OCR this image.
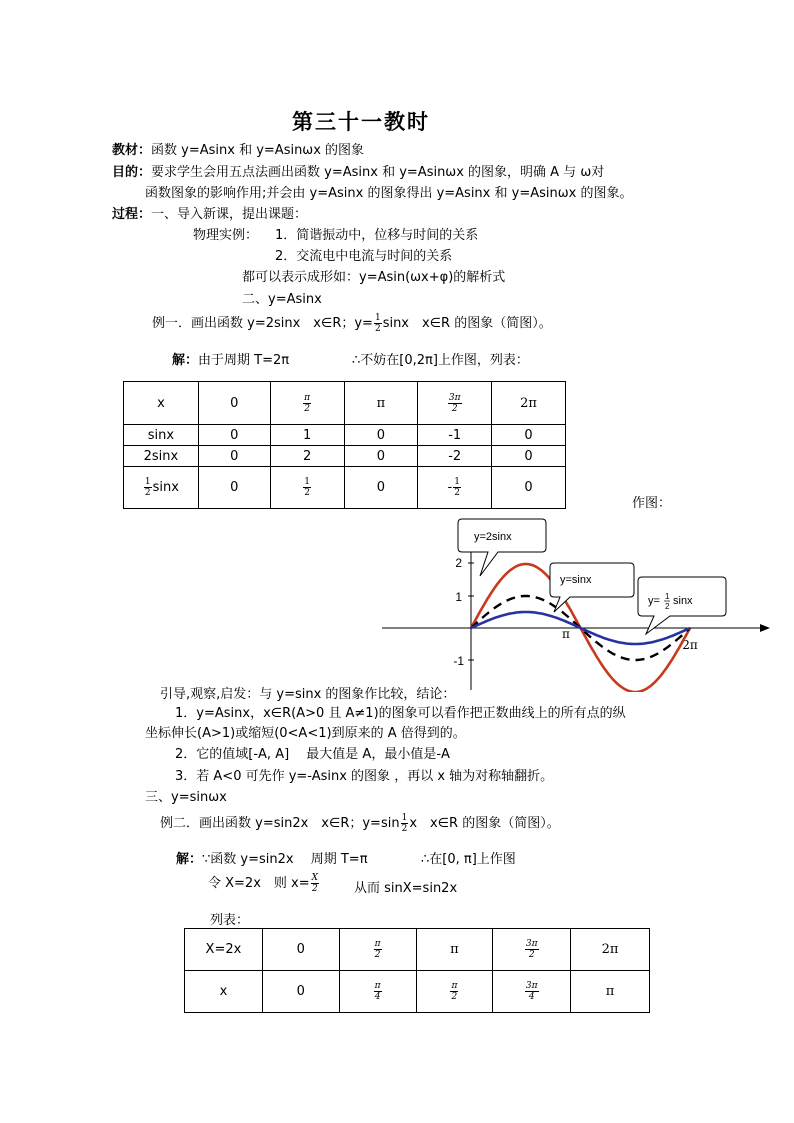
第三十一教时
教材：函数 y=Asinx 和 y=Asinωx 的图象
目的：要求学生会用五点法画出函数 y=Asinx 和 y=Asinωx 的图象，明确 A 与 ω对
函数图象的影响作用;并会由 y=Asinx 的图象得出 y=Asinx 和 y=Asinωx 的图象。
过程：一、导入新课，提出课题：
物理实例： 1．简谐振动中，位移与时间的关系
2．交流电中电流与时间的关系
都可以表示成形如：y=Asin(ωx+φ)的解析式
二、y=Asinx
例一．画出函数 y=2sinx　x∈R；$y= \frac{1}{2}$ sinx　x∈R 的图象（简图）。
解：由于周期 T=2π	∴不妨在[0,2π]上作图，列表：
x	0	$\frac{\pi}{2}$	π	$\frac{3\pi}{2}$	2π
sinx	0	1	0	-1	0
2sinx	0	2	0	-2	0

$\frac{1}{2}$ sinx	0	$\frac{1}{2}$	0	- $\frac{1}{2}$	0
作图：
2
1
-1
π
2π
y=2sinx
y=sinx
y= 1
2 sinx
引导,观察,启发：与 y=sinx 的图象作比较，结论：
1．y=Asinx，x∈R(A>0 且 A≠1)的图象可以看作把正数曲线上的所有点的纵
坐标伸长(A>1)或缩短(0<A<1)到原来的 A 倍得到的。
2．它的值域[-A, A]　 最大值是 A，最小值是-A
3．若 A<0 可先作 y=-Asinx 的图象 ，再以 x 轴为对称轴翻折。
三、y=sinωx
例二．画出函数 y=sin2x　x∈R；$y=\sin \frac{1}{2}$ x　x∈R 的图象（简图）。
解：∵函数 y=sin2x　 周期 T=π	∴在[0, π]上作图
令 X=2x　则 $x= \frac{X}{2}$	从而 sinX=sin2x
列表：
X=2x	0	$\frac{\pi}{2}$	π	$\frac{3\pi}{2}$	2π
x	0	$\frac{\pi}{4}$	$\frac{\pi}{2}$	$\frac{3\pi}{4}$	π
